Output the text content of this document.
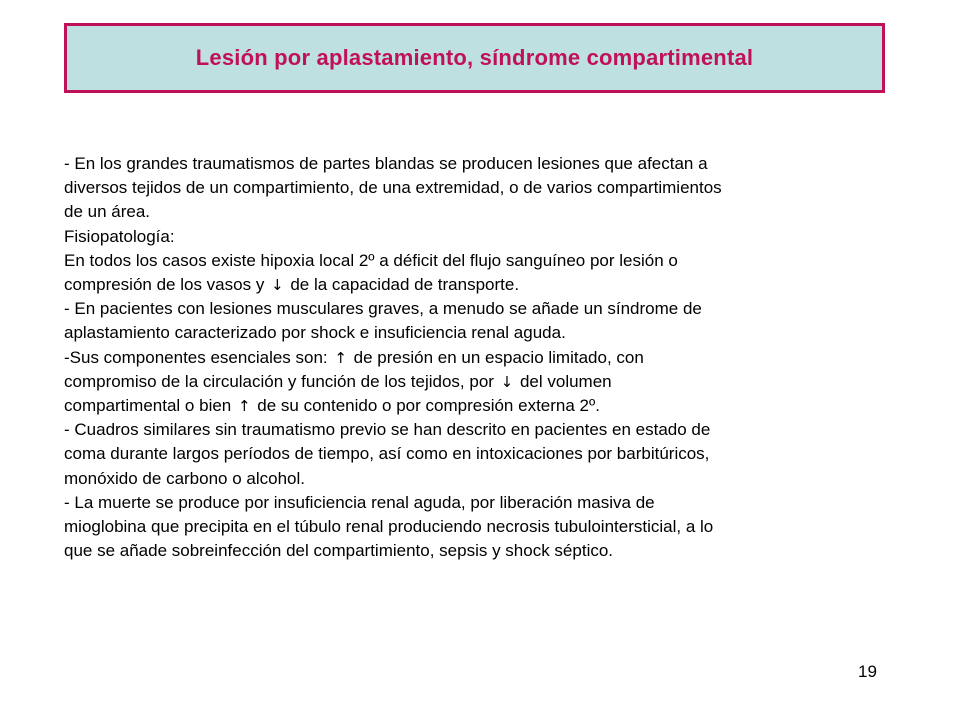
Lesión por aplastamiento, síndrome compartimental
- En los grandes traumatismos de partes blandas se producen lesiones que afectan a
diversos tejidos de un compartimiento, de una extremidad, o de varios compartimientos
de un área.
Fisiopatología:
En todos los casos existe hipoxia local 2º a déficit del flujo sanguíneo por lesión o
compresión de los vasos y ↓ de la capacidad de transporte.
- En pacientes con lesiones musculares graves, a menudo se añade un síndrome de
aplastamiento caracterizado por shock e insuficiencia renal aguda.
-Sus componentes esenciales son: ↑ de presión en un espacio limitado, con
compromiso de la circulación y función de los tejidos, por ↓ del volumen
compartimental o bien ↑ de su contenido o por compresión externa 2º.
- Cuadros similares sin traumatismo previo se han descrito en pacientes en estado de
coma durante largos períodos de tiempo, así como en intoxicaciones por barbitúricos,
monóxido de carbono o alcohol.
- La muerte se produce por insuficiencia renal aguda, por liberación masiva de
mioglobina que precipita en el túbulo renal produciendo necrosis tubulointersticial, a lo
que se añade sobreinfección del compartimiento, sepsis y shock séptico.
19
